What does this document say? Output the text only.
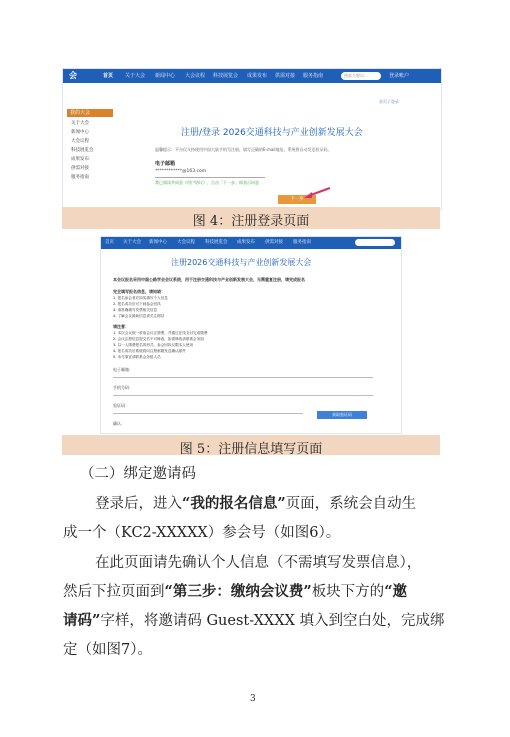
会	首页 关于大会 新闻中心 大会议程 科技展览会 成果发布 供需对接 服务指南	搜索关键词...	登录账户
首页 / 登录
我的大会
关于大会
新闻中心
大会议程
科技展览会
成果发布
供需对接
服务指南
注册/登录 2026交通科技与产业创新发展大会
温馨提示：平台仅支持使用中国大陆手机号注册，填写正确的E-mail地址，系统将自动发送验证码。
电子邮箱
************@163.com
我已阅读并同意《用户协议》，点击「下一步」即表示同意
下一步
图 4：注册登录页面
首页 关于大会 新闻中心 大会议程 科技展览会 成果发布 供需对接 服务指南
注册2026交通科技与产业创新发展大会
本会议报名采用中国公路学会会议系统，用于注册交通科技与产业创新发展大会，无需重复注册，请完成报名
完全填写报名信息，请知晓：
1. 报名参会者应如实填写个人信息
2. 报名成功后可下载参会回执
3. 请准确填写发票相关信息
4. 了解会议最新信息请关注网站
请注意：
1. 本次会议统一收取会议注册费，并通过在线支付完成缴费
2. 会议注册信息提交后不可修改，如需修改请联系会务组
3. 以一人缴费报名的形式，参会回执仅限本人使用
4. 报名成功后系统将向注册邮箱发送确认邮件
5. 未尽事宜请联系会务组人员
电子邮箱：
手机号码：
验证码：
获取验证码
确认：
图 5：注册信息填写页面
（二）绑定邀请码
登录后，进入“我的报名信息”页面，系统会自动生
成一个（KC2-XXXXX）参会号（如图6）。
在此页面请先确认个人信息（不需填写发票信息），
然后下拉页面到“第三步：缴纳会议费”板块下方的“邀
请码”字样，将邀请码 Guest-XXXX 填入到空白处，完成绑
定（如图7）。
3
